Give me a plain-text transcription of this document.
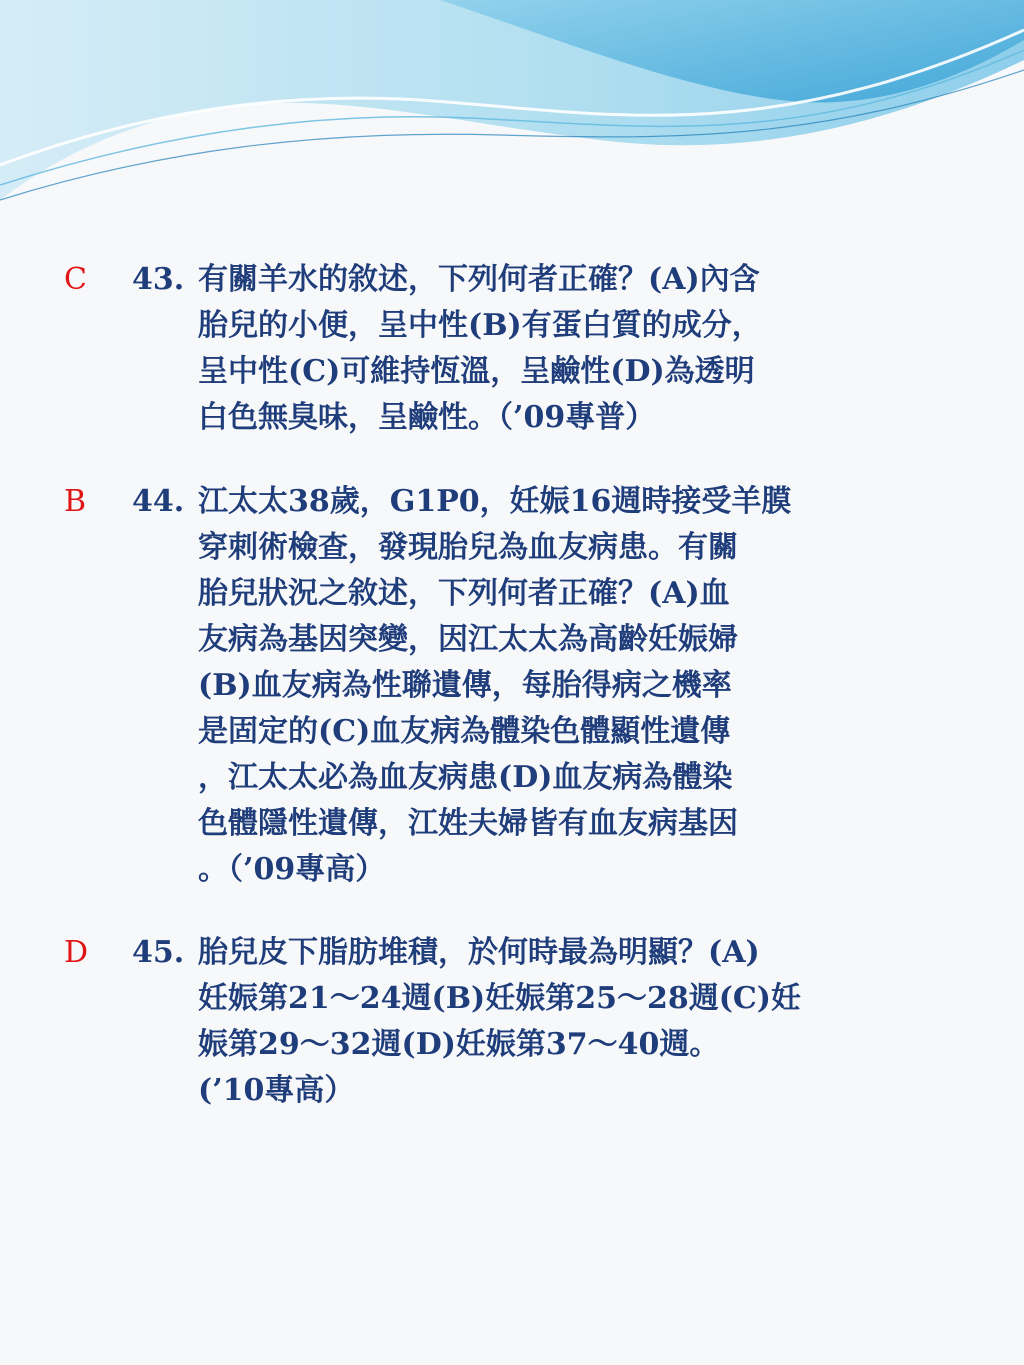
C 43. 有關羊水的敘述，下列何者正確？(A)內含
胎兒的小便，呈中性(B)有蛋白質的成分，
呈中性(C)可維持恆溫，呈鹼性(D)為透明
白色無臭味，呈鹼性。（’09專普）
B 44. 江太太38歲，G1P0，妊娠16週時接受羊膜
穿刺術檢查，發現胎兒為血友病患。有關
胎兒狀況之敘述，下列何者正確？(A)血
友病為基因突變，因江太太為高齡妊娠婦
(B)血友病為性聯遺傳，每胎得病之機率
是固定的(C)血友病為體染色體顯性遺傳
，江太太必為血友病患(D)血友病為體染
色體隱性遺傳，江姓夫婦皆有血友病基因
。（’09專高）
D 45. 胎兒皮下脂肪堆積，於何時最為明顯？(A)
妊娠第21～24週(B)妊娠第25～28週(C)妊
娠第29～32週(D)妊娠第37～40週。
(’10專高）
